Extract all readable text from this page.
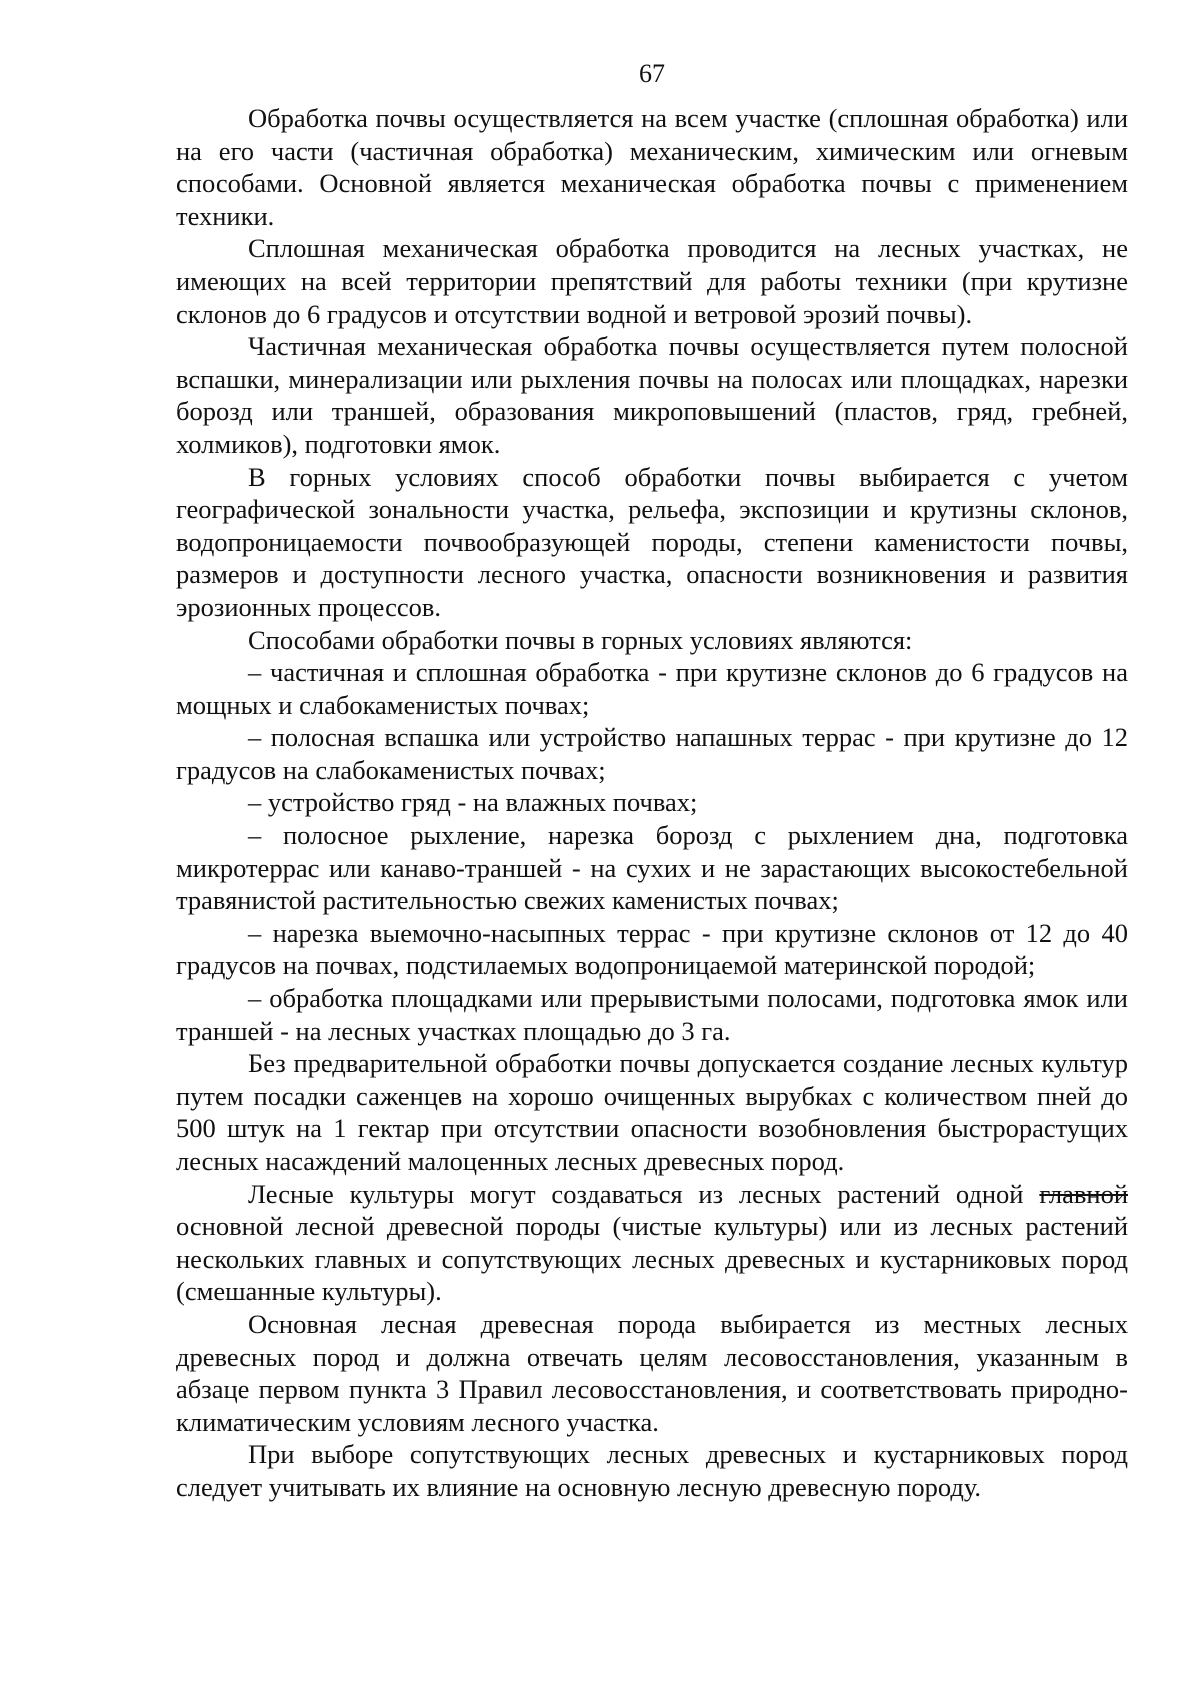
67

Обработка почвы осуществляется на всем участке (сплошная обработка) или на его части (частичная обработка) механическим, химическим или огневым способами. Основной является механическая обработка почвы с применением техники.

Сплошная механическая обработка проводится на лесных участках, не имеющих на всей территории препятствий для работы техники (при крутизне склонов до 6 градусов и отсутствии водной и ветровой эрозий почвы).

Частичная механическая обработка почвы осуществляется путем полосной вспашки, минерализации или рыхления почвы на полосах или площадках, нарезки борозд или траншей, образования микроповышений (пластов, гряд, гребней, холмиков), подготовки ямок.

В горных условиях способ обработки почвы выбирается с учетом географической зональности участка, рельефа, экспозиции и крутизны склонов, водопроницаемости почвообразующей породы, степени каменистости почвы, размеров и доступности лесного участка, опасности возникновения и развития эрозионных процессов.

Способами обработки почвы в горных условиях являются:

– частичная и сплошная обработка - при крутизне склонов до 6 градусов на мощных и слабокаменистых почвах;

– полосная вспашка или устройство напашных террас - при крутизне до 12 градусов на слабокаменистых почвах;

– устройство гряд - на влажных почвах;

– полосное рыхление, нарезка борозд с рыхлением дна, подготовка микротеррас или канаво-траншей - на сухих и не зарастающих высокостебельной травянистой растительностью свежих каменистых почвах;

– нарезка выемочно-насыпных террас - при крутизне склонов от 12 до 40 градусов на почвах, подстилаемых водопроницаемой материнской породой;

– обработка площадками или прерывистыми полосами, подготовка ямок или траншей - на лесных участках площадью до 3 га.

Без предварительной обработки почвы допускается создание лесных культур путем посадки саженцев на хорошо очищенных вырубках с количеством пней до 500 штук на 1 гектар при отсутствии опасности возобновления быстрорастущих лесных насаждений малоценных лесных древесных пород.

Лесные культуры могут создаваться из лесных растений одной главной основной лесной древесной породы (чистые культуры) или из лесных растений нескольких главных и сопутствующих лесных древесных и кустарниковых пород (смешанные культуры).

Основная лесная древесная порода выбирается из местных лесных древесных пород и должна отвечать целям лесовосстановления, указанным в абзаце первом пункта 3 Правил лесовосстановления, и соответствовать природно-климатическим условиям лесного участка.

При выборе сопутствующих лесных древесных и кустарниковых пород следует учитывать их влияние на основную лесную древесную породу.
